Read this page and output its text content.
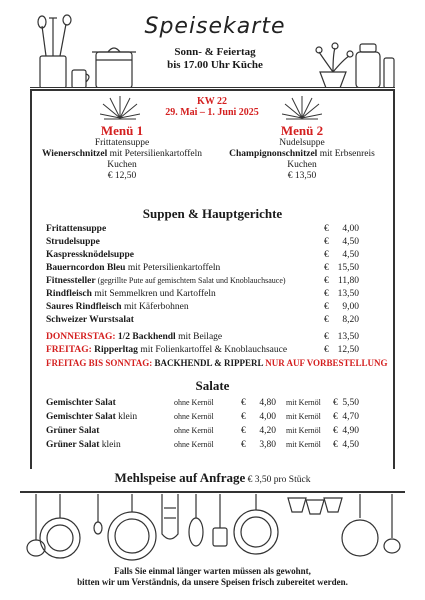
Speisekarte
Sonn- & Feiertag
bis 17.00 Uhr Küche
KW 22
29. Mai – 1. Juni 2025
Menü 1
Frittatensuppe
Wienerschnitzel mit Petersilienkartoffeln
Kuchen
€ 12,50
Menü 2
Nudelsuppe
Champignonschnitzel mit Erbsenreis
Kuchen
€ 13,50
Suppen & Hauptgerichte
Fritattensuppe	€ 4,00
Strudelsuppe	€ 4,50
Kaspressknödelsuppe	€ 4,50
Bauerncordon Bleu mit Petersilienkartoffeln	€ 15,50
Fitnessteller (gegrillte Pute auf gemischtem Salat und Knoblauchsauce)	€ 11,80
Rindfleisch mit Semmelkren und Kartoffeln	€ 13,50
Saures Rindfleisch mit Käferbohnen	€ 9,00
Schweizer Wurstsalat	€ 8,20
DONNERSTAG: 1/2 Backhendl mit Beilage	€ 13,50
FREITAG: Ripperltag mit Folienkartoffel & Knoblauchsauce	€ 12,50
FREITAG BIS SONNTAG: BACKHENDL & RIPPERL NUR AUF VORBESTELLUNG
Salate
Gemischter Salat	ohne Kernöl	€	4,80 mit Kernöl € 5,50
Gemischter Salat klein	ohne Kernöl	€	4,00 mit Kernöl € 4,70
Grüner Salat	ohne Kernöl	€	4,20 mit Kernöl € 4,90
Grüner Salat klein	ohne Kernöl	€	3,80 mit Kernöl € 4,50
Mehlspeise auf Anfrage € 3,50 pro Stück
Falls Sie einmal länger warten müssen als gewohnt,
bitten wir um Verständnis, da unsere Speisen frisch zubereitet werden.
